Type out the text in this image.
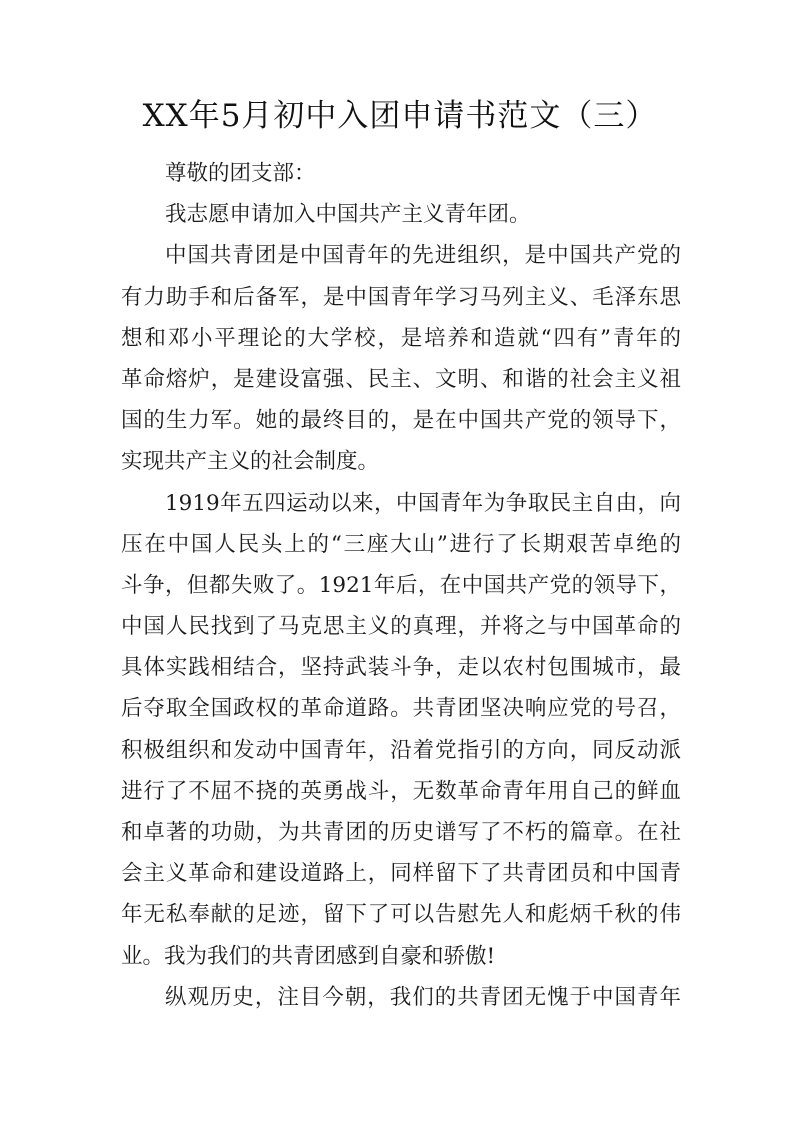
XX年5月初中入团申请书范文（三）
尊敬的团支部：
我志愿申请加入中国共产主义青年团。
中国共青团是中国青年的先进组织，是中国共产党的
有力助手和后备军，是中国青年学习马列主义、毛泽东思
想和邓小平理论的大学校，是培养和造就“四有”青年的
革命熔炉，是建设富强、民主、文明、和谐的社会主义祖
国的生力军。她的最终目的，是在中国共产党的领导下，
实现共产主义的社会制度。
1919年五四运动以来，中国青年为争取民主自由，向
压在中国人民头上的“三座大山”进行了长期艰苦卓绝的
斗争，但都失败了。1921年后，在中国共产党的领导下，
中国人民找到了马克思主义的真理，并将之与中国革命的
具体实践相结合，坚持武装斗争，走以农村包围城市，最
后夺取全国政权的革命道路。共青团坚决响应党的号召，
积极组织和发动中国青年，沿着党指引的方向，同反动派
进行了不屈不挠的英勇战斗，无数革命青年用自己的鲜血
和卓著的功勋，为共青团的历史谱写了不朽的篇章。在社
会主义革命和建设道路上，同样留下了共青团员和中国青
年无私奉献的足迹，留下了可以告慰先人和彪炳千秋的伟
业。我为我们的共青团感到自豪和骄傲!
纵观历史，注目今朝，我们的共青团无愧于中国青年
